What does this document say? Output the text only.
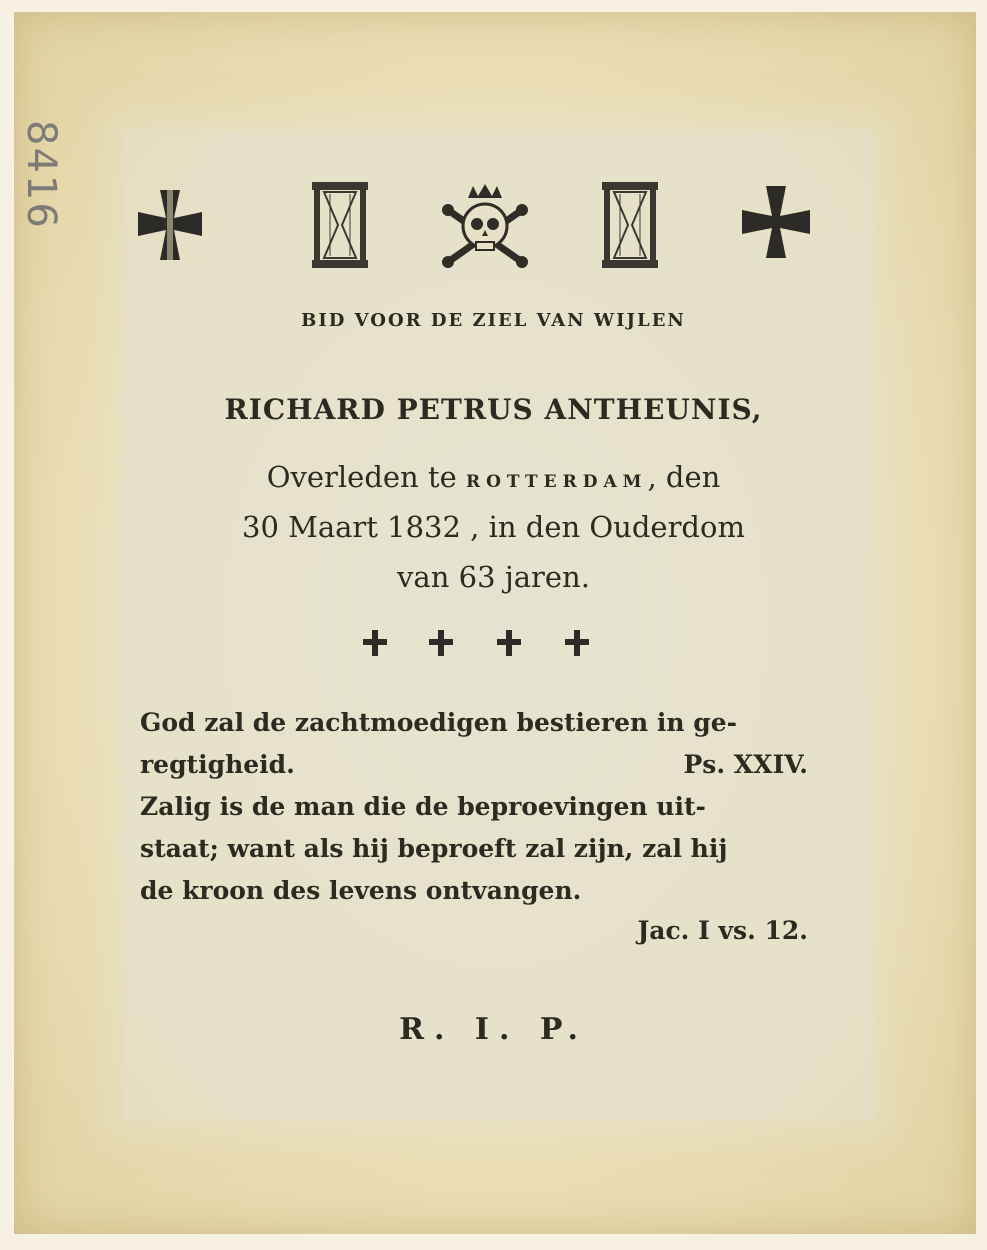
8416
BID VOOR DE ZIEL VAN WIJLEN
RICHARD PETRUS ANTHEUNIS,
Overleden te ROTTERDAM, den
30 Maart 1832 , in den Ouderdom
van 63 jaren.
God zal de zachtmoedigen bestieren in ge-
regtigheid.	Ps. XXIV.
Zalig is de man die de beproevingen uit-
staat; want als hij beproeft zal zijn, zal hij
de kroon des levens ontvangen.
Jac. I vs. 12.
R. I. P.
